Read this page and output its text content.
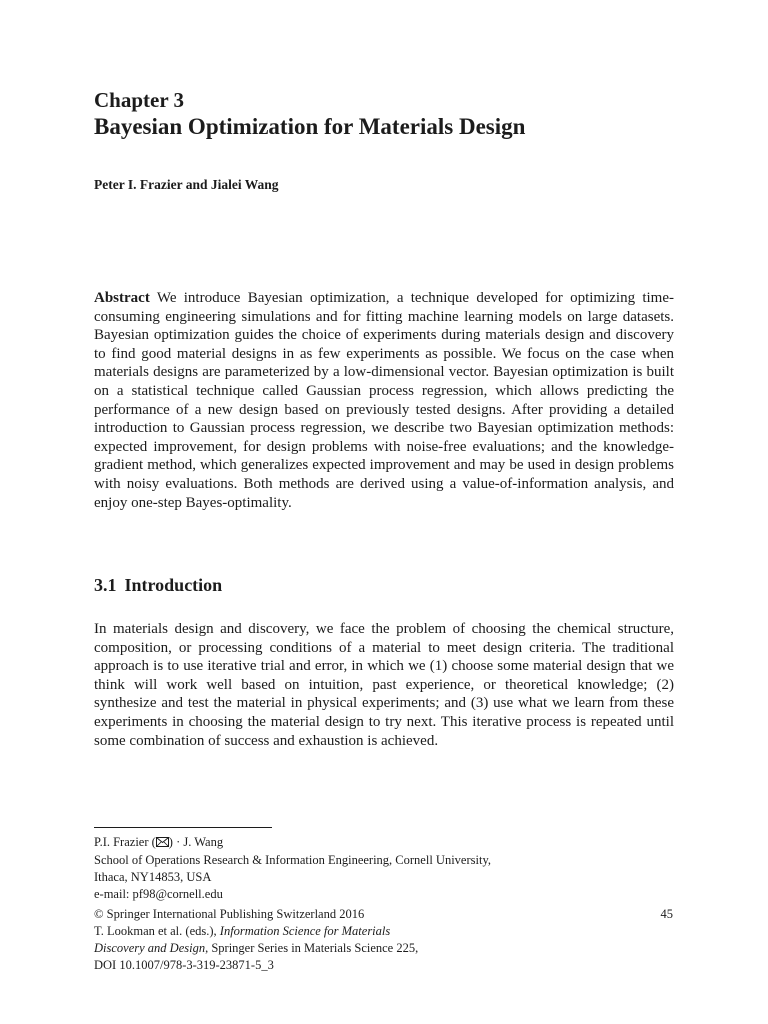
Chapter 3
Bayesian Optimization for Materials Design
Peter I. Frazier and Jialei Wang

Abstract We introduce Bayesian optimization, a technique developed for optimizing time-consuming engineering simulations and for fitting machine learning models on large datasets. Bayesian optimization guides the choice of experiments during materials design and discovery to find good material designs in as few experiments as possible. We focus on the case when materials designs are parameterized by a low-dimensional vector. Bayesian optimization is built on a statistical technique called Gaussian process regression, which allows predicting the performance of a new design based on previously tested designs. After providing a detailed introduction to Gaussian process regression, we describe two Bayesian optimization methods: expected improvement, for design problems with noise-free evaluations; and the knowledge-gradient method, which generalizes expected improvement and may be used in design problems with noisy evaluations. Both methods are derived using a value-of-information analysis, and enjoy one-step Bayes-optimality.

3.1 Introduction

In materials design and discovery, we face the problem of choosing the chemical structure, composition, or processing conditions of a material to meet design criteria. The traditional approach is to use iterative trial and error, in which we (1) choose some material design that we think will work well based on intuition, past experience, or theoretical knowledge; (2) synthesize and test the material in physical experiments; and (3) use what we learn from these experiments in choosing the material design to try next. This iterative process is repeated until some combination of success and exhaustion is achieved.

P.I. Frazier ( ) · J. Wang
School of Operations Research & Information Engineering, Cornell University,
Ithaca, NY14853, USA
e-mail: pf98@cornell.edu
© Springer International Publishing Switzerland 2016
T. Lookman et al. (eds.), Information Science for Materials
Discovery and Design, Springer Series in Materials Science 225,
DOI 10.1007/978-3-319-23871-5_3
45
